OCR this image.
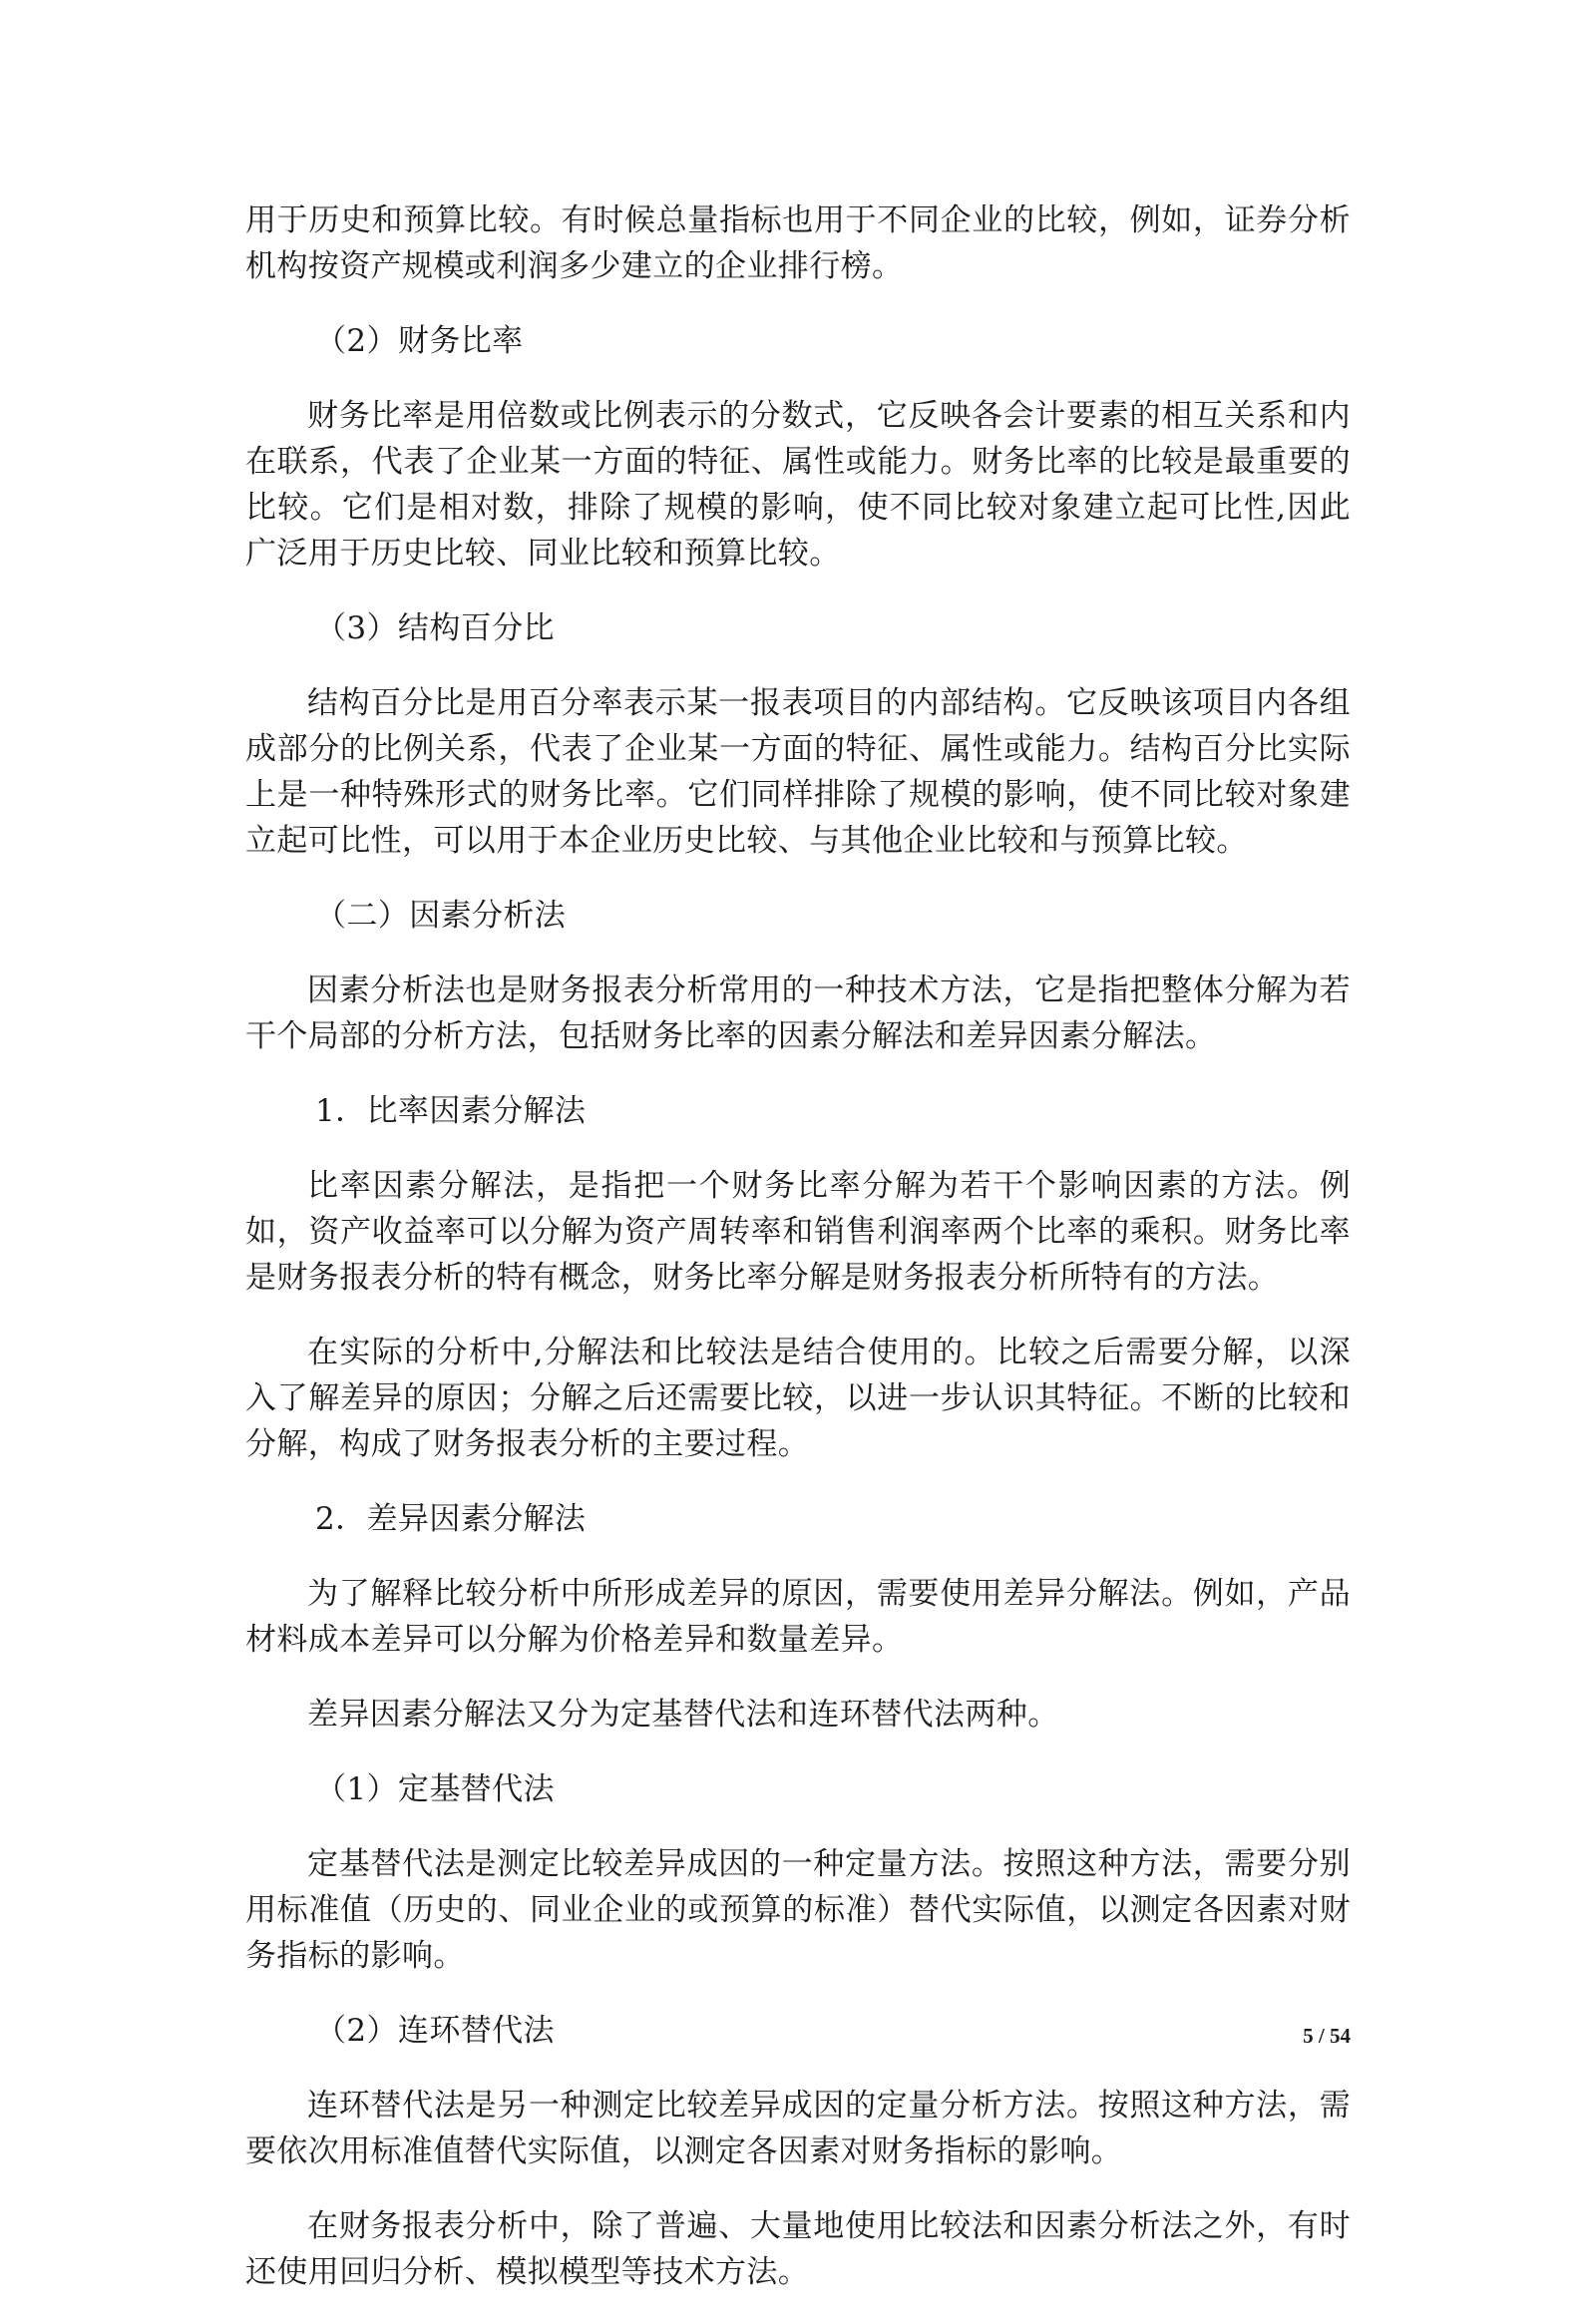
用于历史和预算比较。有时候总量指标也用于不同企业的比较，例如，证券分析机构按资产规模或利润多少建立的企业排行榜。

（2）财务比率

财务比率是用倍数或比例表示的分数式，它反映各会计要素的相互关系和内在联系，代表了企业某一方面的特征、属性或能力。财务比率的比较是最重要的比较。它们是相对数，排除了规模的影响，使不同比较对象建立起可比性,因此广泛用于历史比较、同业比较和预算比较。

（3）结构百分比

结构百分比是用百分率表示某一报表项目的内部结构。它反映该项目内各组成部分的比例关系，代表了企业某一方面的特征、属性或能力。结构百分比实际上是一种特殊形式的财务比率。它们同样排除了规模的影响，使不同比较对象建立起可比性，可以用于本企业历史比较、与其他企业比较和与预算比较。

（二）因素分析法

因素分析法也是财务报表分析常用的一种技术方法，它是指把整体分解为若干个局部的分析方法，包括财务比率的因素分解法和差异因素分解法。

1．比率因素分解法

比率因素分解法，是指把一个财务比率分解为若干个影响因素的方法。例如，资产收益率可以分解为资产周转率和销售利润率两个比率的乘积。财务比率是财务报表分析的特有概念，财务比率分解是财务报表分析所特有的方法。

在实际的分析中,分解法和比较法是结合使用的。比较之后需要分解，以深入了解差异的原因；分解之后还需要比较，以进一步认识其特征。不断的比较和分解，构成了财务报表分析的主要过程。

2．差异因素分解法

为了解释比较分析中所形成差异的原因，需要使用差异分解法。例如，产品材料成本差异可以分解为价格差异和数量差异。

差异因素分解法又分为定基替代法和连环替代法两种。

（1）定基替代法

定基替代法是测定比较差异成因的一种定量方法。按照这种方法，需要分别用标准值（历史的、同业企业的或预算的标准）替代实际值，以测定各因素对财务指标的影响。

（2）连环替代法

连环替代法是另一种测定比较差异成因的定量分析方法。按照这种方法，需要依次用标准值替代实际值，以测定各因素对财务指标的影响。

在财务报表分析中，除了普遍、大量地使用比较法和因素分析法之外，有时还使用回归分析、模拟模型等技术方法。

5 / 54
